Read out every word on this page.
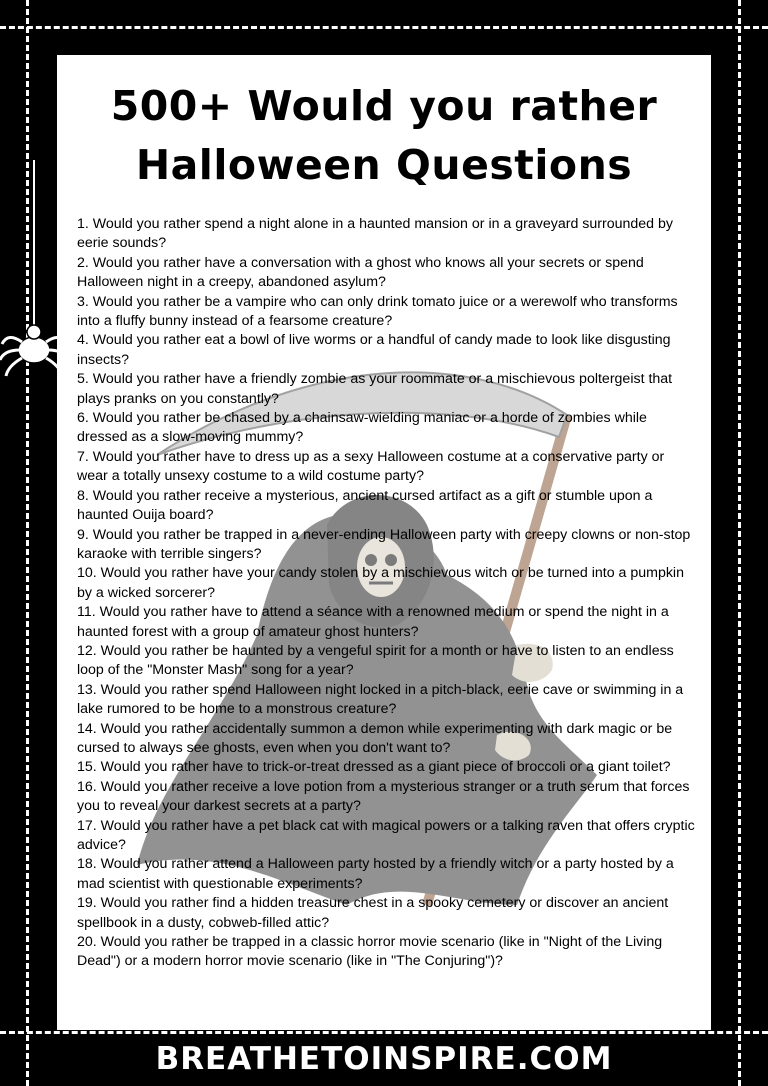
500+ Would you rather
Halloween Questions
1. Would you rather spend a night alone in a haunted mansion or in a graveyard surrounded by eerie sounds?
2. Would you rather have a conversation with a ghost who knows all your secrets or spend Halloween night in a creepy, abandoned asylum?
3. Would you rather be a vampire who can only drink tomato juice or a werewolf who transforms into a fluffy bunny instead of a fearsome creature?
4. Would you rather eat a bowl of live worms or a handful of candy made to look like disgusting insects?
5. Would you rather have a friendly zombie as your roommate or a mischievous poltergeist that plays pranks on you constantly?
6. Would you rather be chased by a chainsaw-wielding maniac or a horde of zombies while dressed as a slow-moving mummy?
7. Would you rather have to dress up as a sexy Halloween costume at a conservative party or wear a totally unsexy costume to a wild costume party?
8. Would you rather receive a mysterious, ancient cursed artifact as a gift or stumble upon a haunted Ouija board?
9. Would you rather be trapped in a never-ending Halloween party with creepy clowns or non-stop karaoke with terrible singers?
10. Would you rather have your candy stolen by a mischievous witch or be turned into a pumpkin by a wicked sorcerer?
11. Would you rather have to attend a séance with a renowned medium or spend the night in a haunted forest with a group of amateur ghost hunters?
12. Would you rather be haunted by a vengeful spirit for a month or have to listen to an endless loop of the "Monster Mash" song for a year?
13. Would you rather spend Halloween night locked in a pitch-black, eerie cave or swimming in a lake rumored to be home to a monstrous creature?
14. Would you rather accidentally summon a demon while experimenting with dark magic or be cursed to always see ghosts, even when you don't want to?
15. Would you rather have to trick-or-treat dressed as a giant piece of broccoli or a giant toilet?
16. Would you rather receive a love potion from a mysterious stranger or a truth serum that forces you to reveal your darkest secrets at a party?
17. Would you rather have a pet black cat with magical powers or a talking raven that offers cryptic advice?
18. Would you rather attend a Halloween party hosted by a friendly witch or a party hosted by a mad scientist with questionable experiments?
19. Would you rather find a hidden treasure chest in a spooky cemetery or discover an ancient spellbook in a dusty, cobweb-filled attic?
20. Would you rather be trapped in a classic horror movie scenario (like in "Night of the Living Dead") or a modern horror movie scenario (like in "The Conjuring")?
BREATHETOINSPIRE.COM
